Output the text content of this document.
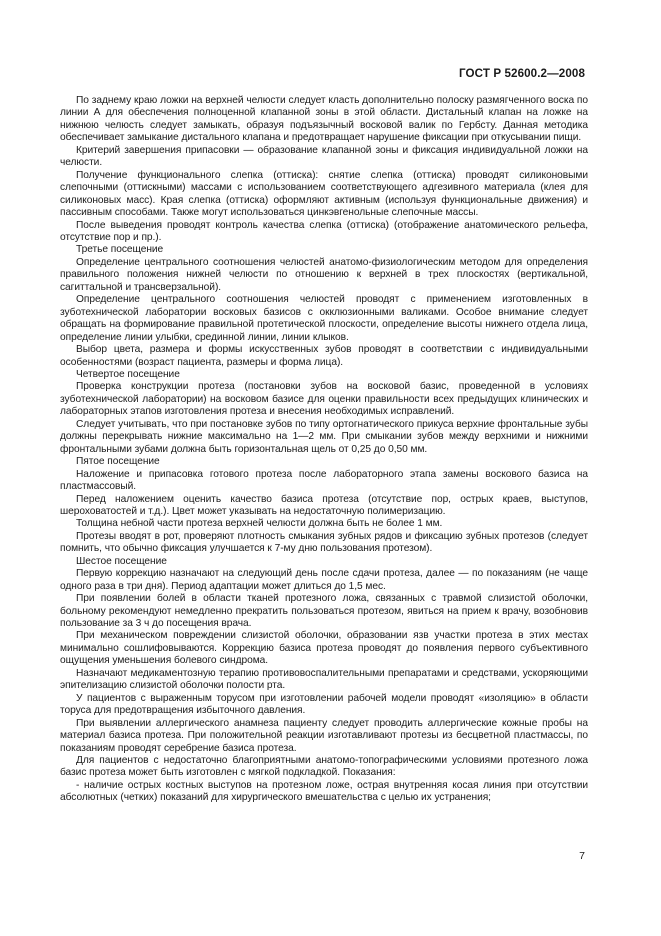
ГОСТ Р 52600.2—2008

По заднему краю ложки на верхней челюсти следует класть дополнительно полоску размягченного воска по линии А для обеспечения полноценной клапанной зоны в этой области. Дистальный клапан на ложке на нижнюю челюсть следует замыкать, образуя подъязычный восковой валик по Гербсту. Данная методика обеспечивает замыкание дистального клапана и предотвращает нарушение фиксации при откусывании пищи.

Критерий завершения припасовки — образование клапанной зоны и фиксация индивидуальной ложки на челюсти.

Получение функционального слепка (оттиска): снятие слепка (оттиска) проводят силиконовыми слепочными (оттискными) массами с использованием соответствующего адгезивного материала (клея для силиконовых масс). Края слепка (оттиска) оформляют активным (используя функциональные движения) и пассивным способами. Также могут использоваться цинкэвгенольные слепочные массы.

После выведения проводят контроль качества слепка (оттиска) (отображение анатомического рельефа, отсутствие пор и пр.).

Третье посещение

Определение центрального соотношения челюстей анатомо-физиологическим методом для определения правильного положения нижней челюсти по отношению к верхней в трех плоскостях (вертикальной, сагиттальной и трансверзальной).

Определение центрального соотношения челюстей проводят с применением изготовленных в зуботехнической лаборатории восковых базисов с окклюзионными валиками. Особое внимание следует обращать на формирование правильной протетической плоскости, определение высоты нижнего отдела лица, определение линии улыбки, срединной линии, линии клыков.

Выбор цвета, размера и формы искусственных зубов проводят в соответствии с индивидуальными особенностями (возраст пациента, размеры и форма лица).

Четвертое посещение

Проверка конструкции протеза (постановки зубов на восковой базис, проведенной в условиях зуботехнической лаборатории) на восковом базисе для оценки правильности всех предыдущих клинических и лабораторных этапов изготовления протеза и внесения необходимых исправлений.

Следует учитывать, что при постановке зубов по типу ортогнатического прикуса верхние фронтальные зубы должны перекрывать нижние максимально на 1—2 мм. При смыкании зубов между верхними и нижними фронтальными зубами должна быть горизонтальная щель от 0,25 до 0,50 мм.

Пятое посещение

Наложение и припасовка готового протеза после лабораторного этапа замены воскового базиса на пластмассовый.

Перед наложением оценить качество базиса протеза (отсутствие пор, острых краев, выступов, шероховатостей и т.д.). Цвет может указывать на недостаточную полимеризацию.

Толщина небной части протеза верхней челюсти должна быть не более 1 мм.

Протезы вводят в рот, проверяют плотность смыкания зубных рядов и фиксацию зубных протезов (следует помнить, что обычно фиксация улучшается к 7-му дню пользования протезом).

Шестое посещение

Первую коррекцию назначают на следующий день после сдачи протеза, далее — по показаниям (не чаще одного раза в три дня). Период адаптации может длиться до 1,5 мес.

При появлении болей в области тканей протезного ложа, связанных с травмой слизистой оболочки, больному рекомендуют немедленно прекратить пользоваться протезом, явиться на прием к врачу, возобновив пользование за 3 ч до посещения врача.

При механическом повреждении слизистой оболочки, образовании язв участки протеза в этих местах минимально сошлифовываются. Коррекцию базиса протеза проводят до появления первого субъективного ощущения уменьшения болевого синдрома.

Назначают медикаментозную терапию противовоспалительными препаратами и средствами, ускоряющими эпителизацию слизистой оболочки полости рта.

У пациентов с выраженным торусом при изготовлении рабочей модели проводят «изоляцию» в области торуса для предотвращения избыточного давления.

При выявлении аллергического анамнеза пациенту следует проводить аллергические кожные пробы на материал базиса протеза. При положительной реакции изготавливают протезы из бесцветной пластмассы, по показаниям проводят серебрение базиса протеза.

Для пациентов с недостаточно благоприятными анатомо-топографическими условиями протезного ложа базис протеза может быть изготовлен с мягкой подкладкой. Показания:

- наличие острых костных выступов на протезном ложе, острая внутренняя косая линия при отсутствии абсолютных (четких) показаний для хирургического вмешательства с целью их устранения;

7
